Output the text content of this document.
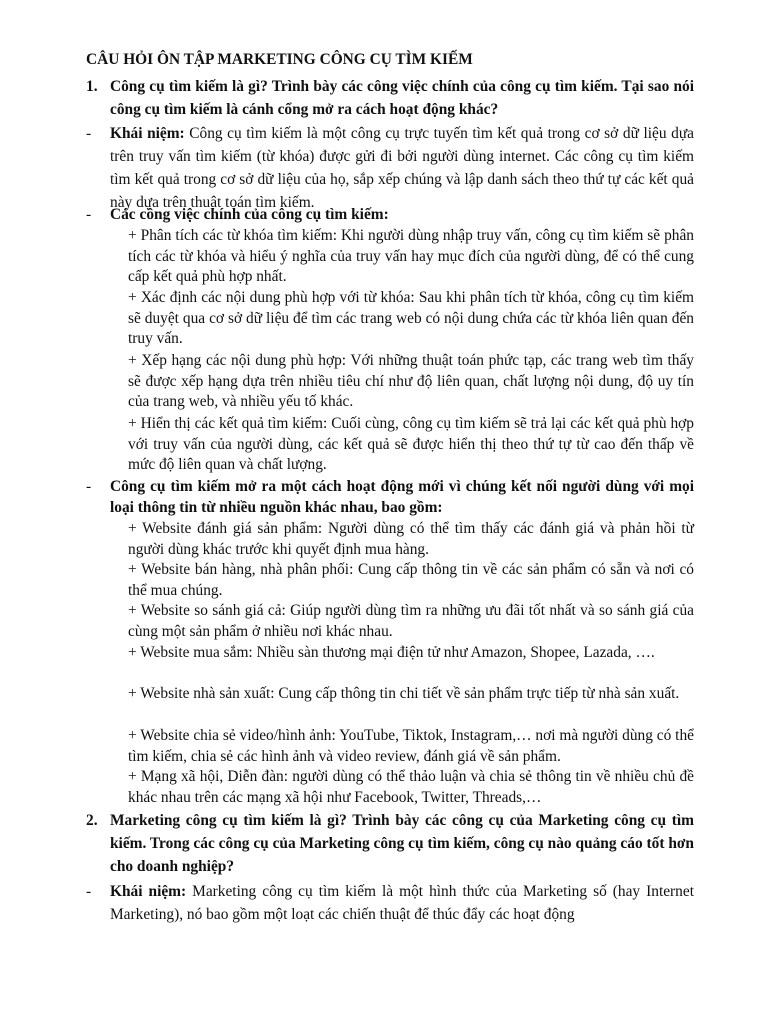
CÂU HỎI ÔN TẬP MARKETING CÔNG CỤ TÌM KIẾM
1. Công cụ tìm kiếm là gì? Trình bày các công việc chính của công cụ tìm kiếm. Tại sao nói công cụ tìm kiếm là cánh cổng mở ra cách hoạt động khác?
- Khái niệm: Công cụ tìm kiếm là một công cụ trực tuyến tìm kết quả trong cơ sở dữ liệu dựa trên truy vấn tìm kiếm (từ khóa) được gửi đi bởi người dùng internet. Các công cụ tìm kiếm tìm kết quả trong cơ sở dữ liệu của họ, sắp xếp chúng và lập danh sách theo thứ tự các kết quả này dựa trên thuật toán tìm kiếm.
- Các công việc chính của công cụ tìm kiếm:
+ Phân tích các từ khóa tìm kiếm: Khi người dùng nhập truy vấn, công cụ tìm kiếm sẽ phân tích các từ khóa và hiểu ý nghĩa của truy vấn hay mục đích của người dùng, để có thể cung cấp kết quả phù hợp nhất.
+ Xác định các nội dung phù hợp với từ khóa: Sau khi phân tích từ khóa, công cụ tìm kiếm sẽ duyệt qua cơ sở dữ liệu để tìm các trang web có nội dung chứa các từ khóa liên quan đến truy vấn.
+ Xếp hạng các nội dung phù hợp: Với những thuật toán phức tạp, các trang web tìm thấy sẽ được xếp hạng dựa trên nhiều tiêu chí như độ liên quan, chất lượng nội dung, độ uy tín của trang web, và nhiều yếu tố khác.
+ Hiển thị các kết quả tìm kiếm: Cuối cùng, công cụ tìm kiếm sẽ trả lại các kết quả phù hợp với truy vấn của người dùng, các kết quả sẽ được hiển thị theo thứ tự từ cao đến thấp về mức độ liên quan và chất lượng.
- Công cụ tìm kiếm mở ra một cách hoạt động mới vì chúng kết nối người dùng với mọi loại thông tin từ nhiều nguồn khác nhau, bao gồm:
+ Website đánh giá sản phẩm: Người dùng có thể tìm thấy các đánh giá và phản hồi từ người dùng khác trước khi quyết định mua hàng.
+ Website bán hàng, nhà phân phối: Cung cấp thông tin về các sản phẩm có sẵn và nơi có thể mua chúng.
+ Website so sánh giá cả: Giúp người dùng tìm ra những ưu đãi tốt nhất và so sánh giá của cùng một sản phẩm ở nhiều nơi khác nhau.
+ Website mua sắm: Nhiều sàn thương mại điện tử như Amazon, Shopee, Lazada, ….
+ Website nhà sản xuất: Cung cấp thông tin chi tiết về sản phẩm trực tiếp từ nhà sản xuất.
+ Website chia sẻ video/hình ảnh: YouTube, Tiktok, Instagram,… nơi mà người dùng có thể tìm kiếm, chia sẻ các hình ảnh và video review, đánh giá về sản phẩm.
+ Mạng xã hội, Diễn đàn: người dùng có thể thảo luận và chia sẻ thông tin về nhiều chủ đề khác nhau trên các mạng xã hội như Facebook, Twitter, Threads,…
2. Marketing công cụ tìm kiếm là gì? Trình bày các công cụ của Marketing công cụ tìm kiếm. Trong các công cụ của Marketing công cụ tìm kiếm, công cụ nào quảng cáo tốt hơn cho doanh nghiệp?
- Khái niệm: Marketing công cụ tìm kiếm là một hình thức của Marketing số (hay Internet Marketing), nó bao gồm một loạt các chiến thuật để thúc đẩy các hoạt động
